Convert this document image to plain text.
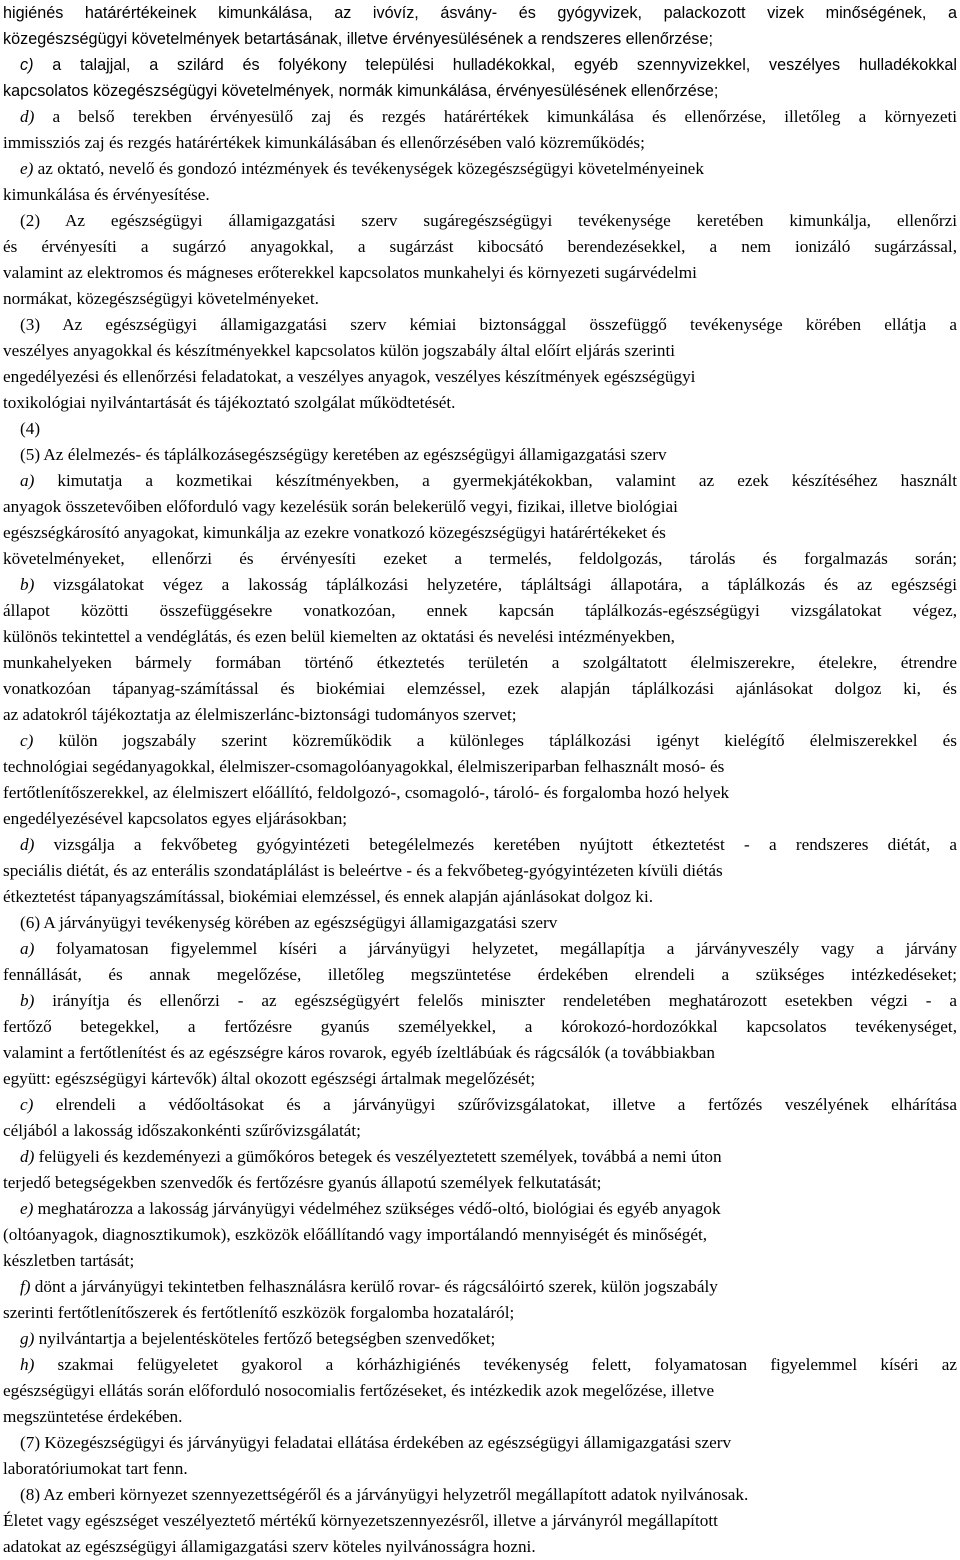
higiénés határértékeinek kimunkálása, az ivóvíz, ásvány- és gyógyvizek, palackozott vizek minőségének, a
közegészségügyi követelmények betartásának, illetve érvényesülésének a rendszeres ellenőrzése;
c) a talajjal, a szilárd és folyékony települési hulladékokkal, egyéb szennyvizekkel, veszélyes hulladékokkal
kapcsolatos közegészségügyi követelmények, normák kimunkálása, érvényesülésének ellenőrzése;
d) a belső terekben érvényesülő zaj és rezgés határértékek kimunkálása és ellenőrzése, illetőleg a környezeti
immissziós zaj és rezgés határértékek kimunkálásában és ellenőrzésében való közreműködés;
e) az oktató, nevelő és gondozó intézmények és tevékenységek közegészségügyi követelményeinek
kimunkálása és érvényesítése.
(2) Az egészségügyi államigazgatási szerv sugáregészségügyi tevékenysége keretében kimunkálja, ellenőrzi
és érvényesíti a sugárzó anyagokkal, a sugárzást kibocsátó berendezésekkel, a nem ionizáló sugárzással,
valamint az elektromos és mágneses erőterekkel kapcsolatos munkahelyi és környezeti sugárvédelmi
normákat, közegészségügyi követelményeket.
(3) Az egészségügyi államigazgatási szerv kémiai biztonsággal összefüggő tevékenysége körében ellátja a
veszélyes anyagokkal és készítményekkel kapcsolatos külön jogszabály által előírt eljárás szerinti
engedélyezési és ellenőrzési feladatokat, a veszélyes anyagok, veszélyes készítmények egészségügyi
toxikológiai nyilvántartását és tájékoztató szolgálat működtetését.
(4)
(5) Az élelmezés- és táplálkozásegészségügy keretében az egészségügyi államigazgatási szerv
a) kimutatja a kozmetikai készítményekben, a gyermekjátékokban, valamint az ezek készítéséhez használt
anyagok összetevőiben előforduló vagy kezelésük során belekerülő vegyi, fizikai, illetve biológiai
egészségkárosító anyagokat, kimunkálja az ezekre vonatkozó közegészségügyi határértékeket és
követelményeket, ellenőrzi és érvényesíti ezeket a termelés, feldolgozás, tárolás és forgalmazás során;
b) vizsgálatokat végez a lakosság táplálkozási helyzetére, tápláltsági állapotára, a táplálkozás és az egészségi
állapot közötti összefüggésekre vonatkozóan, ennek kapcsán táplálkozás-egészségügyi vizsgálatokat végez,
különös tekintettel a vendéglátás, és ezen belül kiemelten az oktatási és nevelési intézményekben,
munkahelyeken bármely formában történő étkeztetés területén a szolgáltatott élelmiszerekre, ételekre, étrendre
vonatkozóan tápanyag-számítással és biokémiai elemzéssel, ezek alapján táplálkozási ajánlásokat dolgoz ki, és
az adatokról tájékoztatja az élelmiszerlánc-biztonsági tudományos szervet;
c) külön jogszabály szerint közreműködik a különleges táplálkozási igényt kielégítő élelmiszerekkel és
technológiai segédanyagokkal, élelmiszer-csomagolóanyagokkal, élelmiszeriparban felhasznált mosó- és
fertőtlenítőszerekkel, az élelmiszert előállító, feldolgozó-, csomagoló-, tároló- és forgalomba hozó helyek
engedélyezésével kapcsolatos egyes eljárásokban;
d) vizsgálja a fekvőbeteg gyógyintézeti betegélelmezés keretében nyújtott étkeztetést - a rendszeres diétát, a
speciális diétát, és az enterális szondatáplálást is beleértve - és a fekvőbeteg-gyógyintézeten kívüli diétás
étkeztetést tápanyagszámítással, biokémiai elemzéssel, és ennek alapján ajánlásokat dolgoz ki.
(6) A járványügyi tevékenység körében az egészségügyi államigazgatási szerv
a) folyamatosan figyelemmel kíséri a járványügyi helyzetet, megállapítja a járványveszély vagy a járvány
fennállását, és annak megelőzése, illetőleg megszüntetése érdekében elrendeli a szükséges intézkedéseket;
b) irányítja és ellenőrzi - az egészségügyért felelős miniszter rendeletében meghatározott esetekben végzi - a
fertőző betegekkel, a fertőzésre gyanús személyekkel, a kórokozó-hordozókkal kapcsolatos tevékenységet,
valamint a fertőtlenítést és az egészségre káros rovarok, egyéb ízeltlábúak és rágcsálók (a továbbiakban
együtt: egészségügyi kártevők) által okozott egészségi ártalmak megelőzését;
c) elrendeli a védőoltásokat és a járványügyi szűrővizsgálatokat, illetve a fertőzés veszélyének elhárítása
céljából a lakosság időszakonkénti szűrővizsgálatát;
d) felügyeli és kezdeményezi a gümőkóros betegek és veszélyeztetett személyek, továbbá a nemi úton
terjedő betegségekben szenvedők és fertőzésre gyanús állapotú személyek felkutatását;
e) meghatározza a lakosság járványügyi védelméhez szükséges védő-oltó, biológiai és egyéb anyagok
(oltóanyagok, diagnosztikumok), eszközök előállítandó vagy importálandó mennyiségét és minőségét,
készletben tartását;
f) dönt a járványügyi tekintetben felhasználásra kerülő rovar- és rágcsálóirtó szerek, külön jogszabály
szerinti fertőtlenítőszerek és fertőtlenítő eszközök forgalomba hozataláról;
g) nyilvántartja a bejelentésköteles fertőző betegségben szenvedőket;
h) szakmai felügyeletet gyakorol a kórházhigiénés tevékenység felett, folyamatosan figyelemmel kíséri az
egészségügyi ellátás során előforduló nosocomialis fertőzéseket, és intézkedik azok megelőzése, illetve
megszüntetése érdekében.
(7) Közegészségügyi és járványügyi feladatai ellátása érdekében az egészségügyi államigazgatási szerv
laboratóriumokat tart fenn.
(8) Az emberi környezet szennyezettségéről és a járványügyi helyzetről megállapított adatok nyilvánosak.
Életet vagy egészséget veszélyeztető mértékű környezetszennyezésről, illetve a járványról megállapított
adatokat az egészségügyi államigazgatási szerv köteles nyilvánosságra hozni.
